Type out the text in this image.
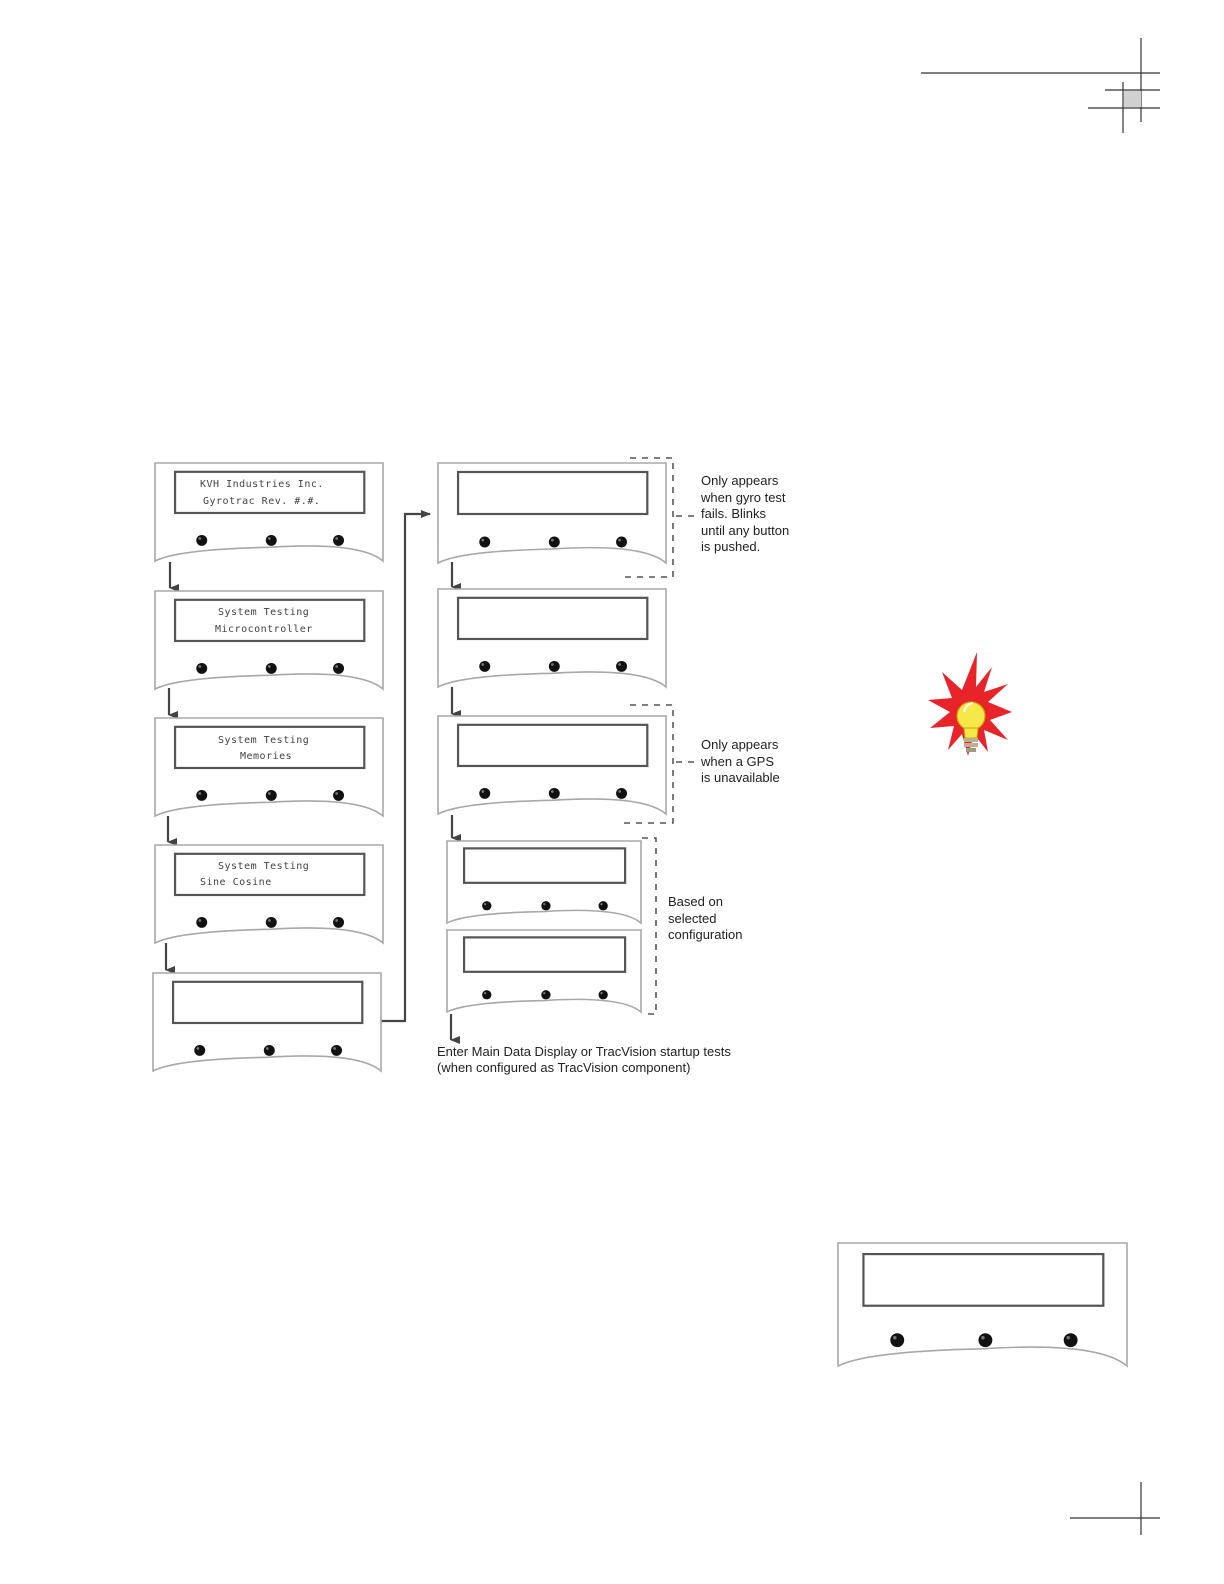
KVH Industries Inc.
Gyrotrac Rev. #.#.
System Testing
Microcontroller
System Testing
Memories
System Testing
Sine Cosine
Only appears
when gyro test
fails. Blinks
until any button
is pushed.
Only appears
when a GPS
is unavailable
Based on
selected
configuration
Enter Main Data Display or TracVision startup tests
(when configured as TracVision component)
